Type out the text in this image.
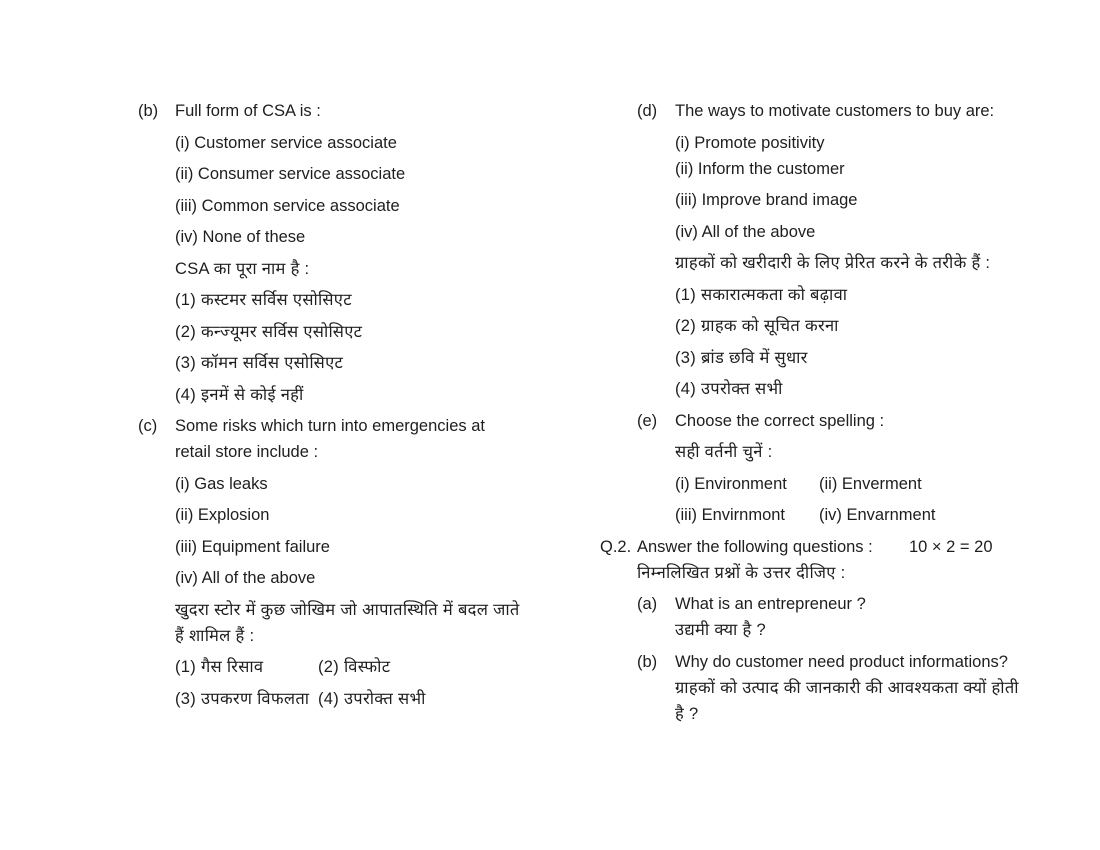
(b) Full form of CSA is :
(i) Customer service associate
(ii) Consumer service associate
(iii) Common service associate
(iv) None of these
CSA का पूरा नाम है :
(1) कस्टमर सर्विस एसोसिएट
(2) कन्ज्यूमर सर्विस एसोसिएट
(3) कॉमन सर्विस एसोसिएट
(4) इनमें से कोई नहीं
(c) Some risks which turn into emergencies at
retail store include :
(i) Gas leaks
(ii) Explosion
(iii) Equipment failure
(iv) All of the above
खुदरा स्टोर में कुछ जोखिम जो आपातस्थिति में बदल जाते
हैं शामिल हैं :
(1) गैस रिसाव	(2) विस्फोट
(3) उपकरण विफलता (4) उपरोक्त सभी
(d) The ways to motivate customers to buy are:
(i) Promote positivity
(ii) Inform the customer
(iii) Improve brand image
(iv) All of the above
ग्राहकों को खरीदारी के लिए प्रेरित करने के तरीके हैं :
(1) सकारात्मकता को बढ़ावा
(2) ग्राहक को सूचित करना
(3) ब्रांड छवि में सुधार
(4) उपरोक्त सभी
(e) Choose the correct spelling :
सही वर्तनी चुनें :
(i) Environment (ii) Enverment
(iii) Envirnmont (iv) Envarnment
Q.2. Answer the following questions : 10 × 2 = 20
निम्नलिखित प्रश्नों के उत्तर दीजिए :
(a) What is an entrepreneur ?
उद्यमी क्या है ?
(b) Why do customer need product informations?
ग्राहकों को उत्पाद की जानकारी की आवश्यकता क्यों होती
है ?
